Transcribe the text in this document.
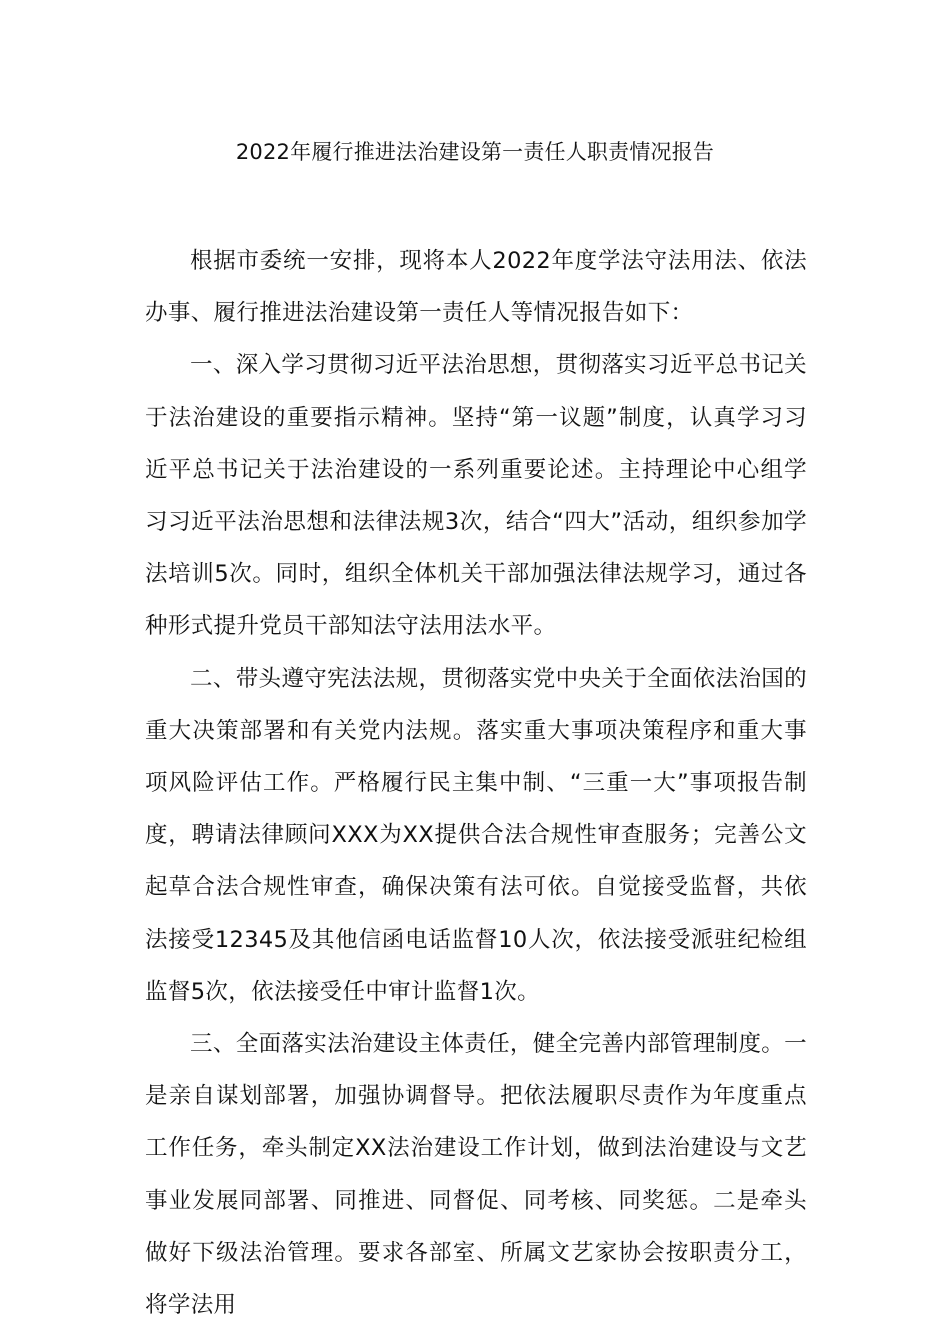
2022年履行推进法治建设第一责任人职责情况报告

根据市委统一安排，现将本人2022年度学法守法用法、依法办事、履行推进法治建设第一责任人等情况报告如下：

一、深入学习贯彻习近平法治思想，贯彻落实习近平总书记关于法治建设的重要指示精神。坚持“第一议题”制度，认真学习习近平总书记关于法治建设的一系列重要论述。主持理论中心组学习习近平法治思想和法律法规3次，结合“四大”活动，组织参加学法培训5次。同时，组织全体机关干部加强法律法规学习，通过各种形式提升党员干部知法守法用法水平。

二、带头遵守宪法法规，贯彻落实党中央关于全面依法治国的重大决策部署和有关党内法规。落实重大事项决策程序和重大事项风险评估工作。严格履行民主集中制、“三重一大”事项报告制度，聘请法律顾问XXX为XX提供合法合规性审查服务；完善公文起草合法合规性审查，确保决策有法可依。自觉接受监督，共依法接受12345及其他信函电话监督10人次，依法接受派驻纪检组监督5次，依法接受任中审计监督1次。

三、全面落实法治建设主体责任，健全完善内部管理制度。一是亲自谋划部署，加强协调督导。把依法履职尽责作为年度重点工作任务，牵头制定XX法治建设工作计划，做到法治建设与文艺事业发展同部署、同推进、同督促、同考核、同奖惩。二是牵头做好下级法治管理。要求各部室、所属文艺家协会按职责分工，将学法用
